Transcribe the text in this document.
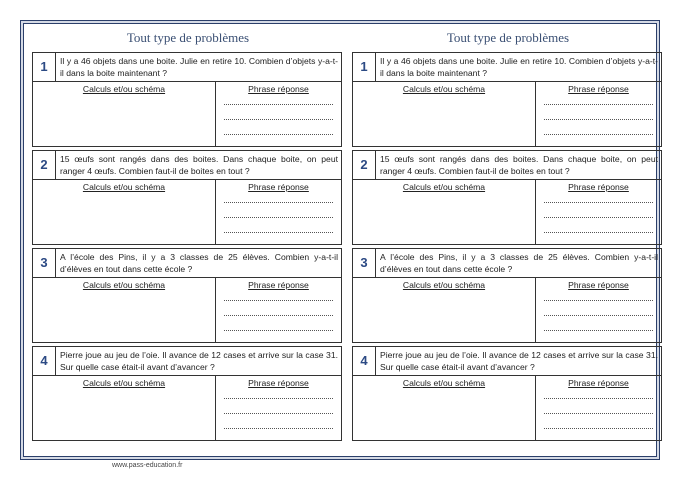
Tout type de problèmes
1	Il y a 46 objets dans une boite. Julie en retire 10. Combien d’objets y-a-t-il dans la boite maintenant ?
Calculs et/ou schéma	Phrase réponse
2	15 œufs sont rangés dans des boites. Dans chaque boite, on peut ranger 4 œufs. Combien faut-il de boites en tout ?
Calculs et/ou schéma	Phrase réponse
3	A l’école des Pins, il y a 3 classes de 25 élèves. Combien y-a-t-il d’élèves en tout dans cette école ?
Calculs et/ou schéma	Phrase réponse
4	Pierre joue au jeu de l’oie. Il avance de 12 cases et arrive sur la case 31. Sur quelle case était-il avant d’avancer ?
Calculs et/ou schéma	Phrase réponse
Tout type de problèmes
1	Il y a 46 objets dans une boite. Julie en retire 10. Combien d’objets y-a-t-il dans la boite maintenant ?
Calculs et/ou schéma	Phrase réponse
2	15 œufs sont rangés dans des boites. Dans chaque boite, on peut ranger 4 œufs. Combien faut-il de boites en tout ?
Calculs et/ou schéma	Phrase réponse
3	A l’école des Pins, il y a 3 classes de 25 élèves. Combien y-a-t-il d’élèves en tout dans cette école ?
Calculs et/ou schéma	Phrase réponse
4	Pierre joue au jeu de l’oie. Il avance de 12 cases et arrive sur la case 31. Sur quelle case était-il avant d’avancer ?
Calculs et/ou schéma	Phrase réponse
www.pass-education.fr
